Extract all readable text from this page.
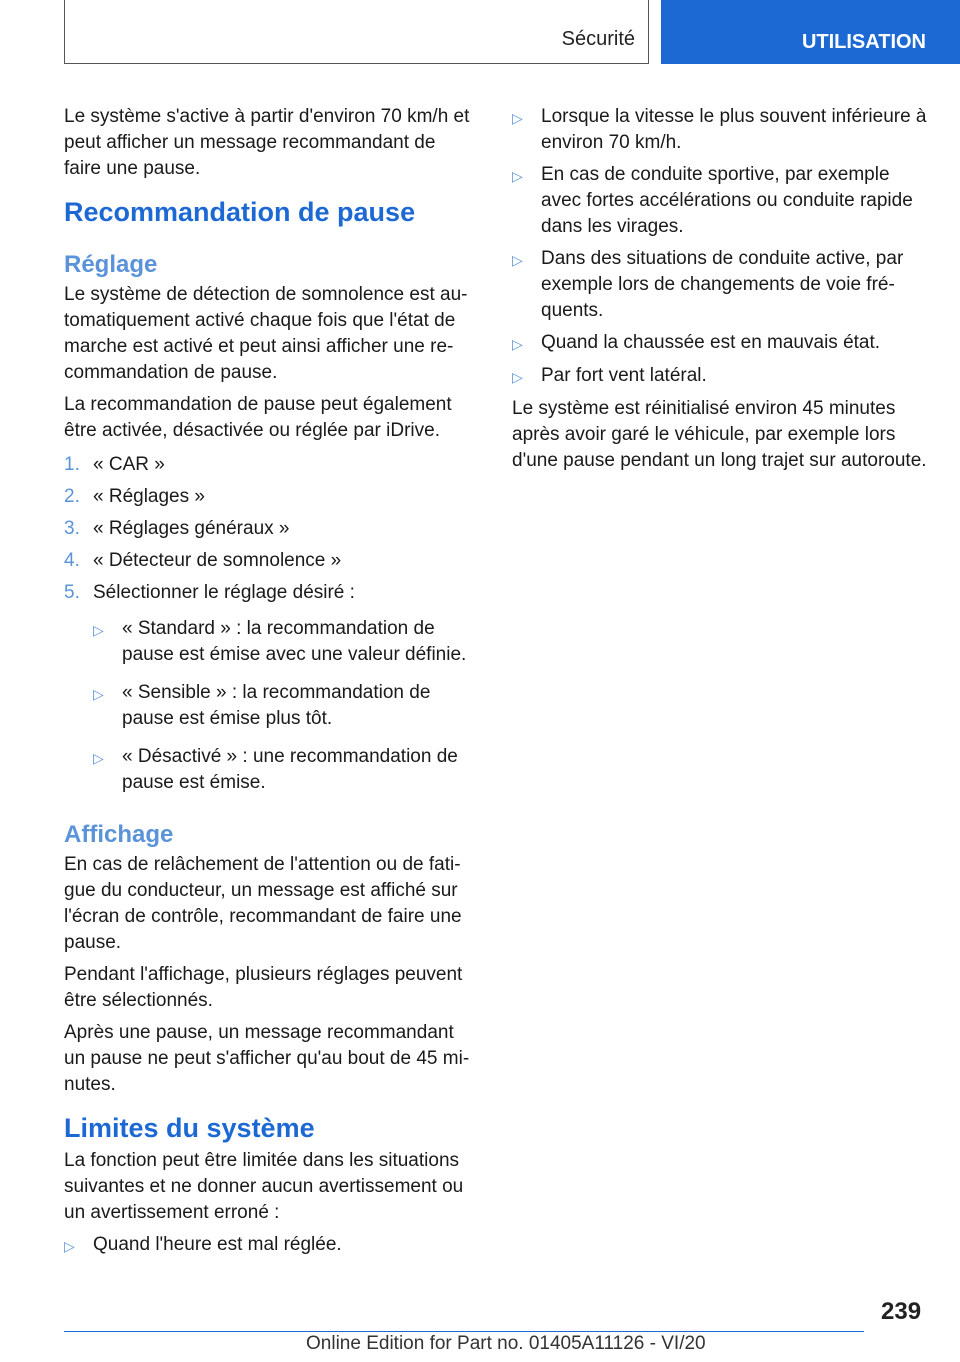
Sécurité	UTILISATION

Le système s'active à partir d'environ 70 km/h et peut afficher un message recommandant de faire une pause.

Recommandation de pause
Réglage

Le système de détection de somnolence est automatiquement activé chaque fois que l'état de marche est activé et peut ainsi afficher une recommandation de pause.

La recommandation de pause peut également être activée, désactivée ou réglée par iDrive.

1. « CAR »
2. « Réglages »
3. « Réglages généraux »
4. « Détecteur de somnolence »
5. Sélectionner le réglage désiré :
▷ « Standard » : la recommandation de pause est émise avec une valeur définie.
▷ « Sensible » : la recommandation de pause est émise plus tôt.
▷ « Désactivé » : une recommandation de pause est émise.
Affichage

En cas de relâchement de l'attention ou de fatigue du conducteur, un message est affiché sur l'écran de contrôle, recommandant de faire une pause.

Pendant l'affichage, plusieurs réglages peuvent être sélectionnés.

Après une pause, un message recommandant un pause ne peut s'afficher qu'au bout de 45 minutes.

Limites du système

La fonction peut être limitée dans les situations suivantes et ne donner aucun avertissement ou un avertissement erroné :

▷ Quand l'heure est mal réglée.
▷ Lorsque la vitesse le plus souvent inférieure à environ 70 km/h.
▷ En cas de conduite sportive, par exemple avec fortes accélérations ou conduite rapide dans les virages.
▷ Dans des situations de conduite active, par exemple lors de changements de voie fréquents.
▷ Quand la chaussée est en mauvais état.
▷ Par fort vent latéral.

Le système est réinitialisé environ 45 minutes après avoir garé le véhicule, par exemple lors d'une pause pendant un long trajet sur autoroute.

239
Online Edition for Part no. 01405A11126 - VI/20
